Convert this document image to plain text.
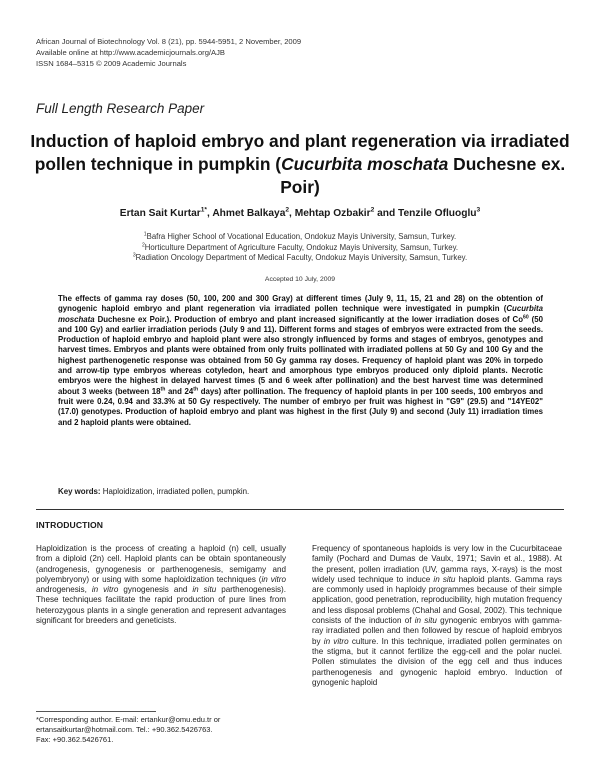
African Journal of Biotechnology Vol. 8 (21), pp. 5944-5951, 2 November, 2009
Available online at http://www.academicjournals.org/AJB
ISSN 1684–5315 © 2009 Academic Journals
Full Length Research Paper
Induction of haploid embryo and plant regeneration via irradiated pollen technique in pumpkin (Cucurbita moschata Duchesne ex. Poir)
Ertan Sait Kurtar$^{1*}$, Ahmet Balkaya$^2$, Mehtap Ozbakir$^2$ and Tenzile Ofluoglu$^3$
$^1$Bafra Higher School of Vocational Education, Ondokuz Mayis University, Samsun, Turkey.
$^2$Horticulture Department of Agriculture Faculty, Ondokuz Mayis University, Samsun, Turkey.
$^3$Radiation Oncology Department of Medical Faculty, Ondokuz Mayis University, Samsun, Turkey.
Accepted 10 July, 2009
The effects of gamma ray doses (50, 100, 200 and 300 Gray) at different times (July 9, 11, 15, 21 and 28) on the obtention of gynogenic haploid embryo and plant regeneration via irradiated pollen technique were investigated in pumpkin (Cucurbita moschata Duchesne ex Poir.). Production of embryo and plant increased significantly at the lower irradiation doses of Co$^{60}$ (50 and 100 Gy) and earlier irradiation periods (July 9 and 11). Different forms and stages of embryos were extracted from the seeds. Production of haploid embryo and haploid plant were also strongly influenced by forms and stages of embryos, genotypes and harvest times. Embryos and plants were obtained from only fruits pollinated with irradiated pollens at 50 Gy and 100 Gy and the highest parthenogenetic response was obtained from 50 Gy gamma ray doses. Frequency of haploid plant was 20% in torpedo and arrow-tip type embryos whereas cotyledon, heart and amorphous type embryos produced only diploid plants. Necrotic embryos were the highest in delayed harvest times (5 and 6 week after pollination) and the best harvest time was determined about 3 weeks (between 18th and 24th days) after pollination. The frequency of haploid plants in per 100 seeds, 100 embryos and fruit were 0.24, 0.94 and 33.3% at 50 Gy respectively. The number of embryo per fruit was highest in "G9" (29.5) and "14YE02" (17.0) genotypes. Production of haploid embryo and plant was highest in the first (July 9) and second (July 11) irradiation times and 2 haploid plants were obtained.
Key words: Haploidization, irradiated pollen, pumpkin.
INTRODUCTION
Haploidization is the process of creating a haploid (n) cell, usually from a diploid (2n) cell. Haploid plants can be obtain spontaneously (androgenesis, gynogenesis or parthenogenesis, semigamy and polyembryony) or using with some haploidization techniques (in vitro androgenesis, in vitro gynogenesis and in situ parthenogenesis). These techniques facilitate the rapid production of pure lines from heterozygous plants in a single generation and represent advantages significant for breeders and geneticists.
Frequency of spontaneous haploids is very low in the Cucurbitaceae family (Pochard and Dumas de Vaulx, 1971; Savin et al., 1988). At the present, pollen irradiation (UV, gamma rays, X-rays) is the most widely used technique to induce in situ haploid plants. Gamma rays are commonly used in haploidy programmes because of their simple application, good penetration, reproducibility, high mutation frequency and less disposal problems (Chahal and Gosal, 2002). This technique consists of the induction of in situ gynogenic embryos with gamma-ray irradiated pollen and then followed by rescue of haploid embryos by in vitro culture. In this technique, irradiated pollen germinates on the stigma, but it cannot fertilize the egg-cell and the polar nuclei. Pollen stimulates the division of the egg cell and thus induces parthenogenesis and gynogenic haploid embryo. Induction of gynogenic haploid
*Corresponding author. E-mail: ertankur@omu.edu.tr or
ertansaitkurtar@hotmail.com. Tel.: +90.362.5426763.
Fax: +90.362.5426761.
